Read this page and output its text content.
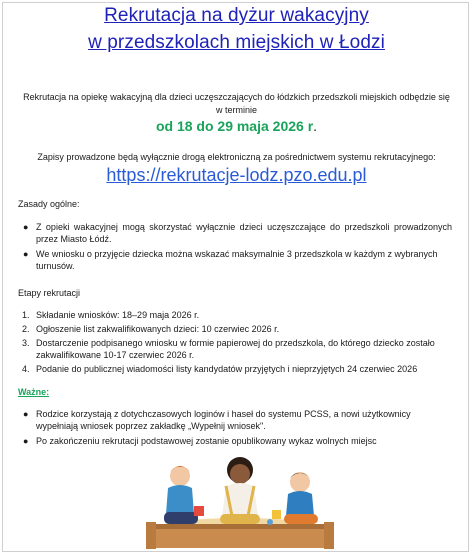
Rekrutacja na dyżur wakacyjny
w przedszkolach miejskich w Łodzi
Rekrutacja na opiekę wakacyjną dla dzieci uczęszczających do łódzkich przedszkoli miejskich odbędzie się w terminie
od 18 do 29 maja 2026 r.
Zapisy prowadzone będą wyłącznie drogą elektroniczną za pośrednictwem systemu rekrutacyjnego:
https://rekrutacje-lodz.pzo.edu.pl
Zasady ogólne:
● Z opieki wakacyjnej mogą skorzystać wyłącznie dzieci uczęszczające do przedszkoli prowadzonych przez Miasto Łódź.
● We wniosku o przyjęcie dziecka można wskazać maksymalnie 3 przedszkola w każdym z wybranych turnusów.
Etapy rekrutacji
1. Składanie wniosków: 18–29 maja 2026 r.
2. Ogłoszenie list zakwalifikowanych dzieci: 10 czerwiec 2026 r.
3. Dostarczenie podpisanego wniosku w formie papierowej do przedszkola, do którego dziecko zostało zakwalifikowane 10-17 czerwiec 2026 r.
4. Podanie do publicznej wiadomości listy kandydatów przyjętych i nieprzyjętych 24 czerwiec 2026
Ważne:
● Rodzice korzystają z dotychczasowych loginów i haseł do systemu PCSS, a nowi użytkownicy wypełniają wniosek poprzez zakładkę „Wypełnij wniosek".
● Po zakończeniu rekrutacji podstawowej zostanie opublikowany wykaz wolnych miejsc
